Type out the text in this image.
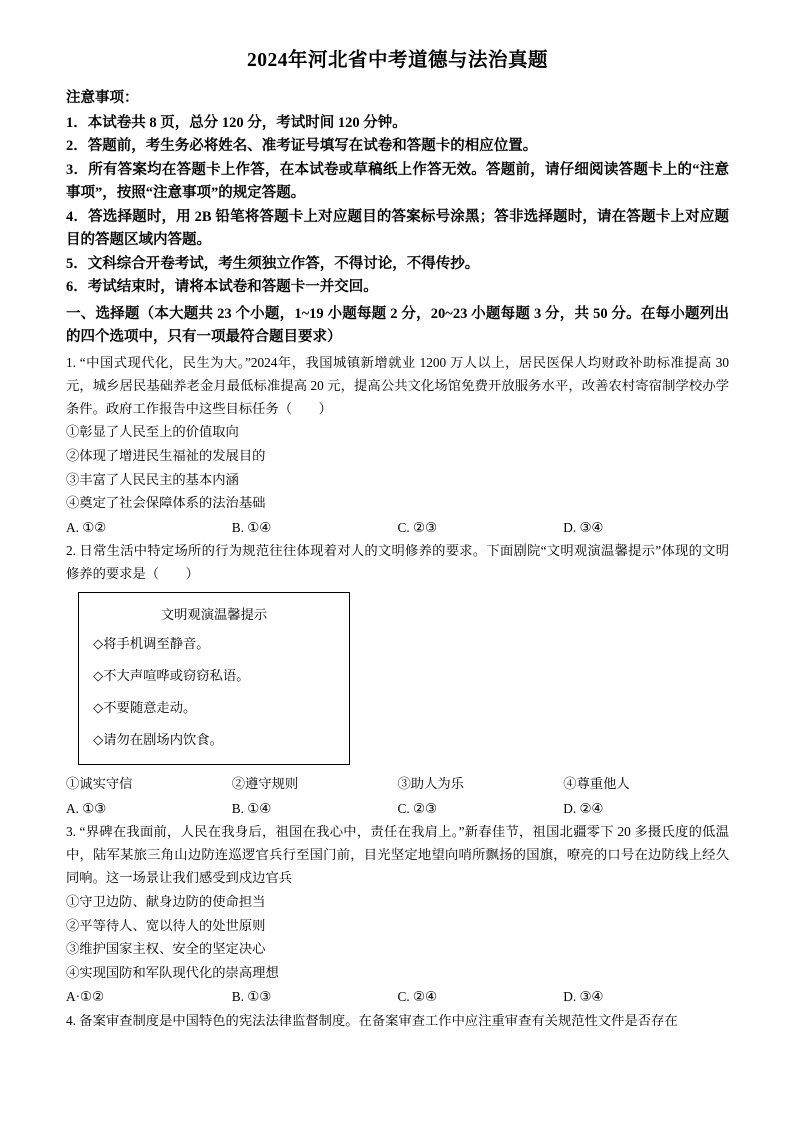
2024年河北省中考道德与法治真题
注意事项：
1．本试卷共 8 页，总分 120 分，考试时间 120 分钟。
2．答题前，考生务必将姓名、准考证号填写在试卷和答题卡的相应位置。
3．所有答案均在答题卡上作答，在本试卷或草稿纸上作答无效。答题前，请仔细阅读答题卡上的“注意事项”，按照“注意事项”的规定答题。
4．答选择题时，用 2B 铅笔将答题卡上对应题目的答案标号涂黑；答非选择题时，请在答题卡上对应题目的答题区域内答题。
5．文科综合开卷考试，考生须独立作答，不得讨论，不得传抄。
6．考试结束时，请将本试卷和答题卡一并交回。
一、选择题（本大题共 23 个小题，1~19 小题每题 2 分，20~23 小题每题 3 分，共 50 分。在每小题列出的四个选项中，只有一项最符合题目要求）
1. “中国式现代化，民生为大。”2024年，我国城镇新增就业 1200 万人以上，居民医保人均财政补助标准提高 30 元，城乡居民基础养老金月最低标准提高 20 元，提高公共文化场馆免费开放服务水平，改善农村寄宿制学校办学条件。政府工作报告中这些目标任务（　　）
①彰显了人民至上的价值取向
②体现了增进民生福祉的发展目的
③丰富了人民民主的基本内涵
④奠定了社会保障体系的法治基础
A. ①②	B. ①④	C. ②③	D. ③④
2. 日常生活中特定场所的行为规范往往体现着对人的文明修养的要求。下面剧院“文明观演温馨提示”体现的文明修养的要求是（　　）
文明观演温馨提示
◇将手机调至静音。
◇不大声喧哗或窃窃私语。
◇不要随意走动。
◇请勿在剧场内饮食。
①诚实守信	②遵守规则	③助人为乐	④尊重他人
A. ①③	B. ①④	C. ②③	D. ②④
3. “界碑在我面前，人民在我身后，祖国在我心中，责任在我肩上。”新春佳节，祖国北疆零下 20 多摄氏度的低温中，陆军某旅三角山边防连巡逻官兵行至国门前，目光坚定地望向哨所飘扬的国旗，嘹亮的口号在边防线上经久同响。这一场景让我们感受到戍边官兵
①守卫边防、献身边防的使命担当
②平等待人、宽以待人的处世原则
③维护国家主权、安全的坚定决心
④实现国防和军队现代化的崇高理想
A·①②	B. ①③	C. ②④	D. ③④
4. 备案审查制度是中国特色的宪法法律监督制度。在备案审查工作中应注重审查有关规范性文件是否存在
